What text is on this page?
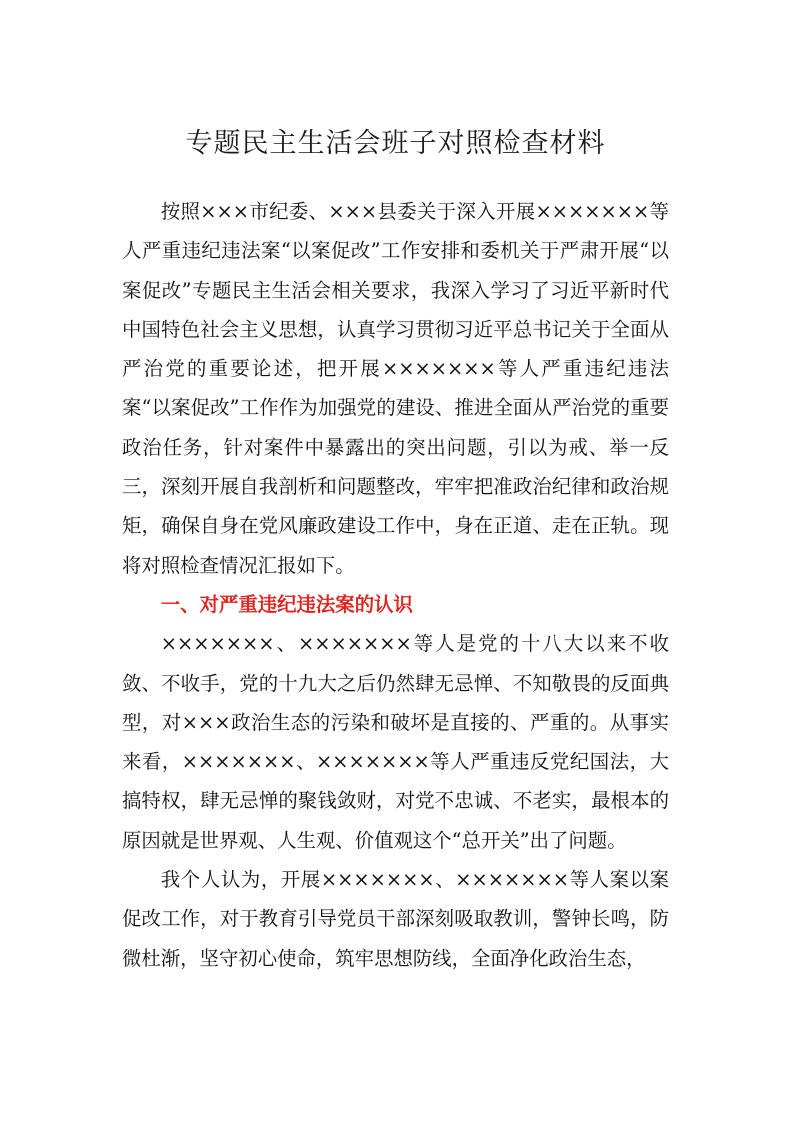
专题民主生活会班子对照检查材料

按照×××市纪委、×××县委关于深入开展×××××××等人严重违纪违法案“以案促改”工作安排和委机关于严肃开展“以案促改”专题民主生活会相关要求，我深入学习了习近平新时代中国特色社会主义思想，认真学习贯彻习近平总书记关于全面从严治党的重要论述，把开展×××××××等人严重违纪违法案“以案促改”工作作为加强党的建设、推进全面从严治党的重要政治任务，针对案件中暴露出的突出问题，引以为戒、举一反三，深刻开展自我剖析和问题整改，牢牢把准政治纪律和政治规矩，确保自身在党风廉政建设工作中，身在正道、走在正轨。现将对照检查情况汇报如下。

一、对严重违纪违法案的认识

×××××××、×××××××等人是党的十八大以来不收敛、不收手，党的十九大之后仍然肆无忌惮、不知敬畏的反面典型，对×××政治生态的污染和破坏是直接的、严重的。从事实来看，×××××××、×××××××等人严重违反党纪国法，大搞特权，肆无忌惮的聚钱敛财，对党不忠诚、不老实，最根本的原因就是世界观、人生观、价值观这个“总开关”出了问题。

我个人认为，开展×××××××、×××××××等人案以案促改工作，对于教育引导党员干部深刻吸取教训，警钟长鸣，防微杜渐，坚守初心使命，筑牢思想防线，全面净化政治生态，
